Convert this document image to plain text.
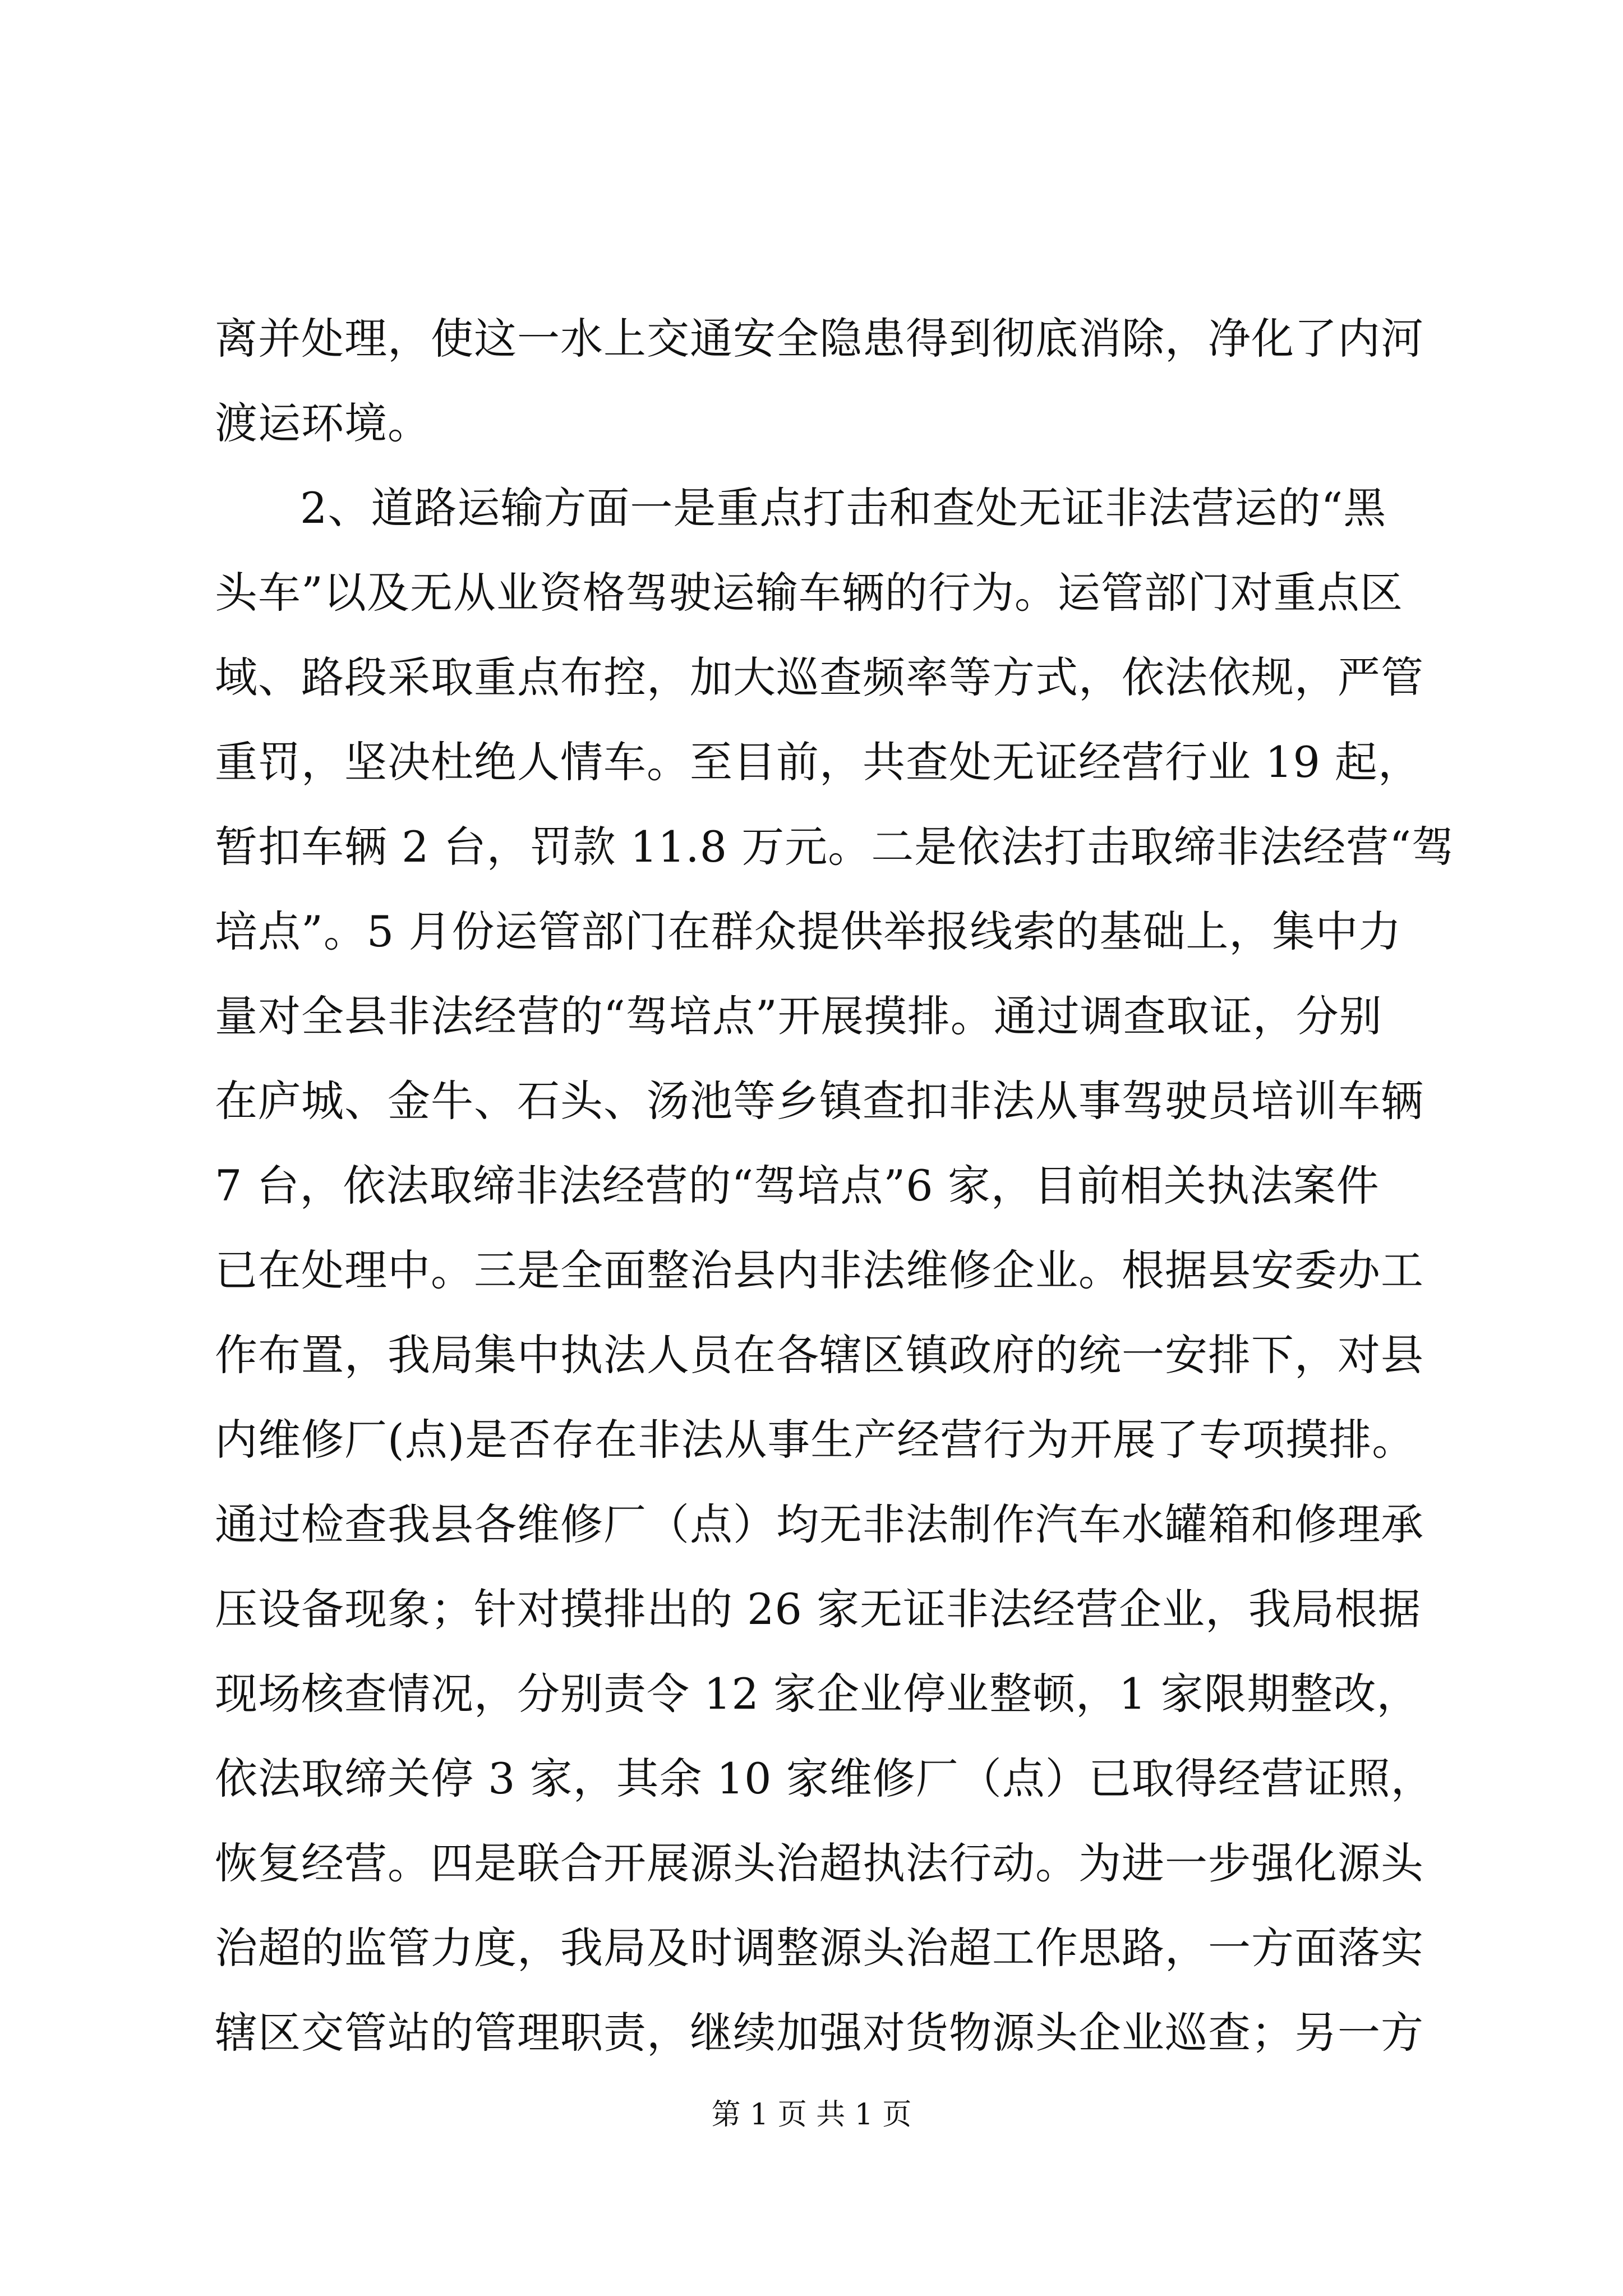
离并处理，使这一水上交通安全隐患得到彻底消除，净化了内河
渡运环境。
2、道路运输方面一是重点打击和查处无证非法营运的“黑
头车”以及无从业资格驾驶运输车辆的行为。运管部门对重点区
域、路段采取重点布控，加大巡查频率等方式，依法依规，严管
重罚，坚决杜绝人情车。至目前，共查处无证经营行业 19 起，
暂扣车辆 2 台，罚款 11.8 万元。二是依法打击取缔非法经营“驾
培点”。5 月份运管部门在群众提供举报线索的基础上，集中力
量对全县非法经营的“驾培点”开展摸排。通过调查取证，分别
在庐城、金牛、石头、汤池等乡镇查扣非法从事驾驶员培训车辆
7 台，依法取缔非法经营的“驾培点”6 家，目前相关执法案件
已在处理中。三是全面整治县内非法维修企业。根据县安委办工
作布置，我局集中执法人员在各辖区镇政府的统一安排下，对县
内维修厂(点)是否存在非法从事生产经营行为开展了专项摸排。
通过检查我县各维修厂（点）均无非法制作汽车水罐箱和修理承
压设备现象；针对摸排出的 26 家无证非法经营企业，我局根据
现场核查情况，分别责令 12 家企业停业整顿，1 家限期整改，
依法取缔关停 3 家，其余 10 家维修厂（点）已取得经营证照，
恢复经营。四是联合开展源头治超执法行动。为进一步强化源头
治超的监管力度，我局及时调整源头治超工作思路，一方面落实
辖区交管站的管理职责，继续加强对货物源头企业巡查；另一方
第 1 页 共 1 页
